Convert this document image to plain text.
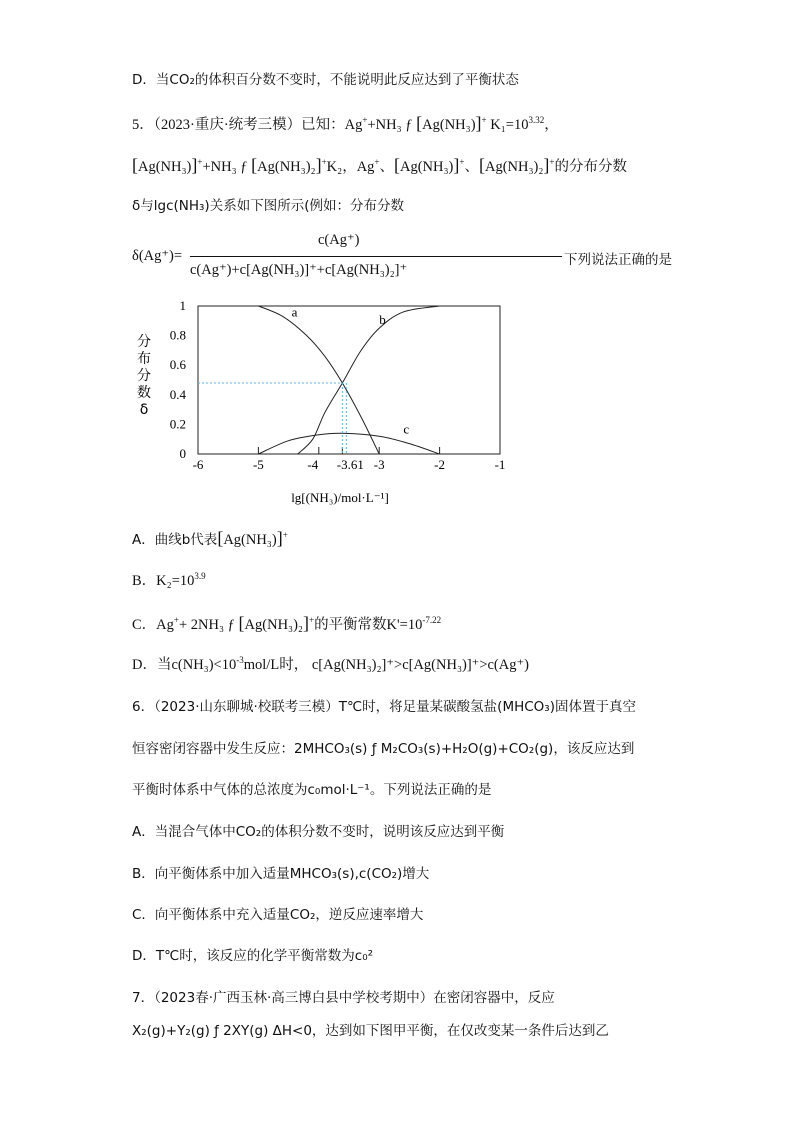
D．当CO₂的体积百分数不变时，不能说明此反应达到了平衡状态
5．（2023·重庆·统考三模）已知：Ag++NH₃ ƒ [Ag(NH₃)]+ $K_1=10^{3.32}$，
[Ag(NH₃)]++NH₃ ƒ [Ag(NH₃)₂]+K₂，Ag+、[Ag(NH₃)]+、[Ag(NH₃)₂]+的分布分数
δ与lgc(NH₃)关系如下图所示(例如：分布分数
δ(Ag⁺)=
c(Ag⁺)
c(Ag⁺)+c[Ag(NH₃)]⁺+c[Ag(NH₃)₂]⁺
下列说法正确的是
分
布
分
数
δ
0
0.2
0.4
0.6
0.8
1
-6	-5	-4 -3.61 -3	-2	-1
a	b
c
lg[(NH₃)/mol·L⁻¹]
A．曲线b代表[Ag(NH₃)]+
B．$K_2=10^{3.9}$
C．Ag++ 2NH₃ ƒ [Ag(NH₃)₂]+的平衡常数$K'=10^{-7.22}$
D．当$c(NH_3)<10^{-3}mol/L$时， c[Ag(NH₃)₂]⁺>c[Ag(NH₃)]⁺>c(Ag⁺)
6．（2023·山东聊城·校联考三模）T℃时，将足量某碳酸氢盐(MHCO₃)固体置于真空
恒容密闭容器中发生反应：2MHCO₃(s) ƒ M₂CO₃(s)+H₂O(g)+CO₂(g)，该反应达到
平衡时体系中气体的总浓度为c₀mol·L⁻¹。下列说法正确的是
A．当混合气体中CO₂的体积分数不变时，说明该反应达到平衡
B．向平衡体系中加入适量MHCO₃(s),c(CO₂)增大
C．向平衡体系中充入适量CO₂，逆反应速率增大
D．T℃时，该反应的化学平衡常数为c₀²
7．（2023春·广西玉林·高三博白县中学校考期中）在密闭容器中，反应
X₂(g)+Y₂(g) ƒ 2XY(g) ΔH<0，达到如下图甲平衡，在仅改变某一条件后达到乙
